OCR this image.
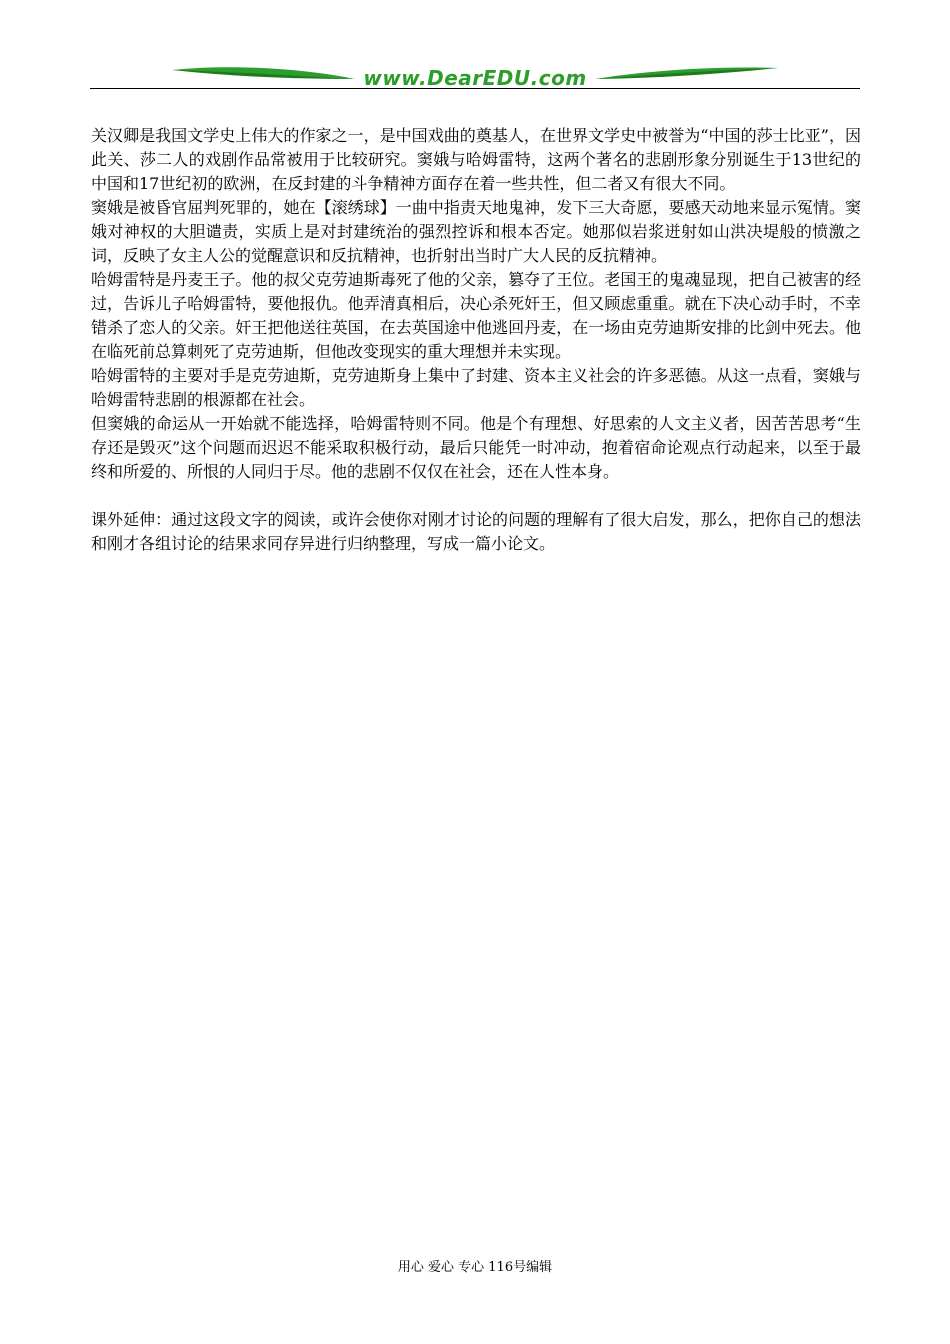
www.DearEDU.com

关汉卿是我国文学史上伟大的作家之一，是中国戏曲的奠基人，在世界文学史中被誉为“中国的莎士比亚”，因此关、莎二人的戏剧作品常被用于比较研究。窦娥与哈姆雷特，这两个著名的悲剧形象分别诞生于13世纪的中国和17世纪初的欧洲，在反封建的斗争精神方面存在着一些共性，但二者又有很大不同。

窦娥是被昏官屈判死罪的，她在【滚绣球】一曲中指责天地鬼神，发下三大奇愿，要感天动地来显示冤情。窦娥对神权的大胆谴责，实质上是对封建统治的强烈控诉和根本否定。她那似岩浆迸射如山洪决堤般的愤激之词，反映了女主人公的觉醒意识和反抗精神，也折射出当时广大人民的反抗精神。

哈姆雷特是丹麦王子。他的叔父克劳迪斯毒死了他的父亲，篡夺了王位。老国王的鬼魂显现，把自己被害的经过，告诉儿子哈姆雷特，要他报仇。他弄清真相后，决心杀死奸王，但又顾虑重重。就在下决心动手时，不幸错杀了恋人的父亲。奸王把他送往英国，在去英国途中他逃回丹麦，在一场由克劳迪斯安排的比剑中死去。他在临死前总算刺死了克劳迪斯，但他改变现实的重大理想并未实现。

哈姆雷特的主要对手是克劳迪斯，克劳迪斯身上集中了封建、资本主义社会的许多恶德。从这一点看，窦娥与哈姆雷特悲剧的根源都在社会。

但窦娥的命运从一开始就不能选择，哈姆雷特则不同。他是个有理想、好思索的人文主义者，因苦苦思考“生存还是毁灭”这个问题而迟迟不能采取积极行动，最后只能凭一时冲动，抱着宿命论观点行动起来，以至于最终和所爱的、所恨的人同归于尽。他的悲剧不仅仅在社会，还在人性本身。

课外延伸：通过这段文字的阅读，或许会使你对刚才讨论的问题的理解有了很大启发，那么，把你自己的想法和刚才各组讨论的结果求同存异进行归纳整理，写成一篇小论文。

用心 爱心 专心 116号编辑
